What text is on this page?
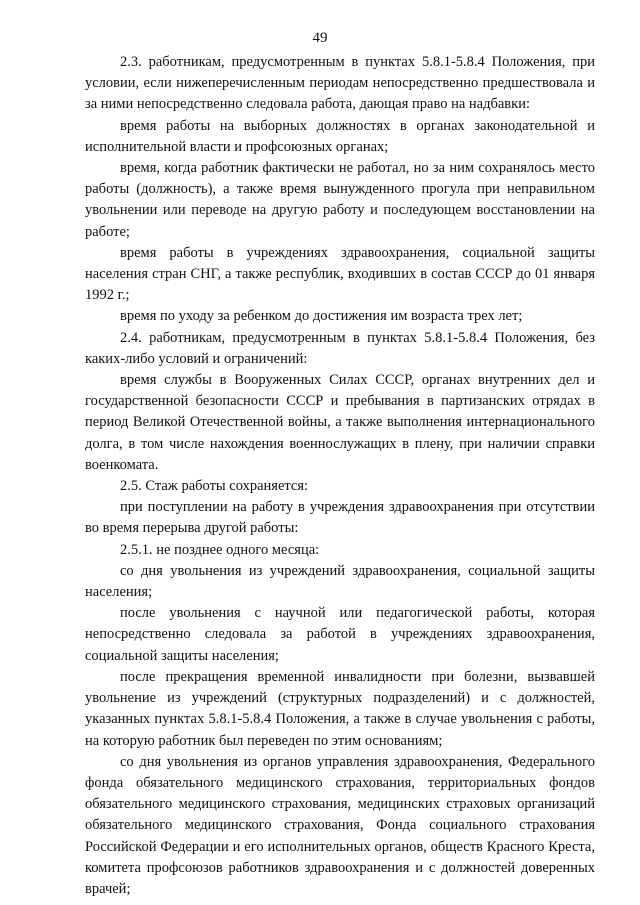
49

2.3. работникам, предусмотренным в пунктах 5.8.1-5.8.4 Положения, при условии, если нижеперечисленным периодам непосредственно предшествовала и за ними непосредственно следовала работа, дающая право на надбавки:

время работы на выборных должностях в органах законодательной и исполнительной власти и профсоюзных органах;

время, когда работник фактически не работал, но за ним сохранялось место работы (должность), а также время вынужденного прогула при неправильном увольнении или переводе на другую работу и последующем восстановлении на работе;

время работы в учреждениях здравоохранения, социальной защиты населения стран СНГ, а также республик, входивших в состав СССР до 01 января 1992 г.;

время по уходу за ребенком до достижения им возраста трех лет;

2.4. работникам, предусмотренным в пунктах 5.8.1-5.8.4 Положения, без каких-либо условий и ограничений:

время службы в Вооруженных Силах СССР, органах внутренних дел и государственной безопасности СССР и пребывания в партизанских отрядах в период Великой Отечественной войны, а также выполнения интернационального долга, в том числе нахождения военнослужащих в плену, при наличии справки военкомата.

2.5. Стаж работы сохраняется:

при поступлении на работу в учреждения здравоохранения при отсутствии во время перерыва другой работы:

2.5.1. не позднее одного месяца:

со дня увольнения из учреждений здравоохранения, социальной защиты населения;

после увольнения с научной или педагогической работы, которая непосредственно следовала за работой в учреждениях здравоохранения, социальной защиты населения;

после прекращения временной инвалидности при болезни, вызвавшей увольнение из учреждений (структурных подразделений) и с должностей, указанных пунктах 5.8.1-5.8.4 Положения, а также в случае увольнения с работы, на которую работник был переведен по этим основаниям;

со дня увольнения из органов управления здравоохранения, Федерального фонда обязательного медицинского страхования, территориальных фондов обязательного медицинского страхования, медицинских страховых организаций обязательного медицинского страхования, Фонда социального страхования Российской Федерации и его исполнительных органов, обществ Красного Креста, комитета профсоюзов работников здравоохранения и с должностей доверенных врачей;
